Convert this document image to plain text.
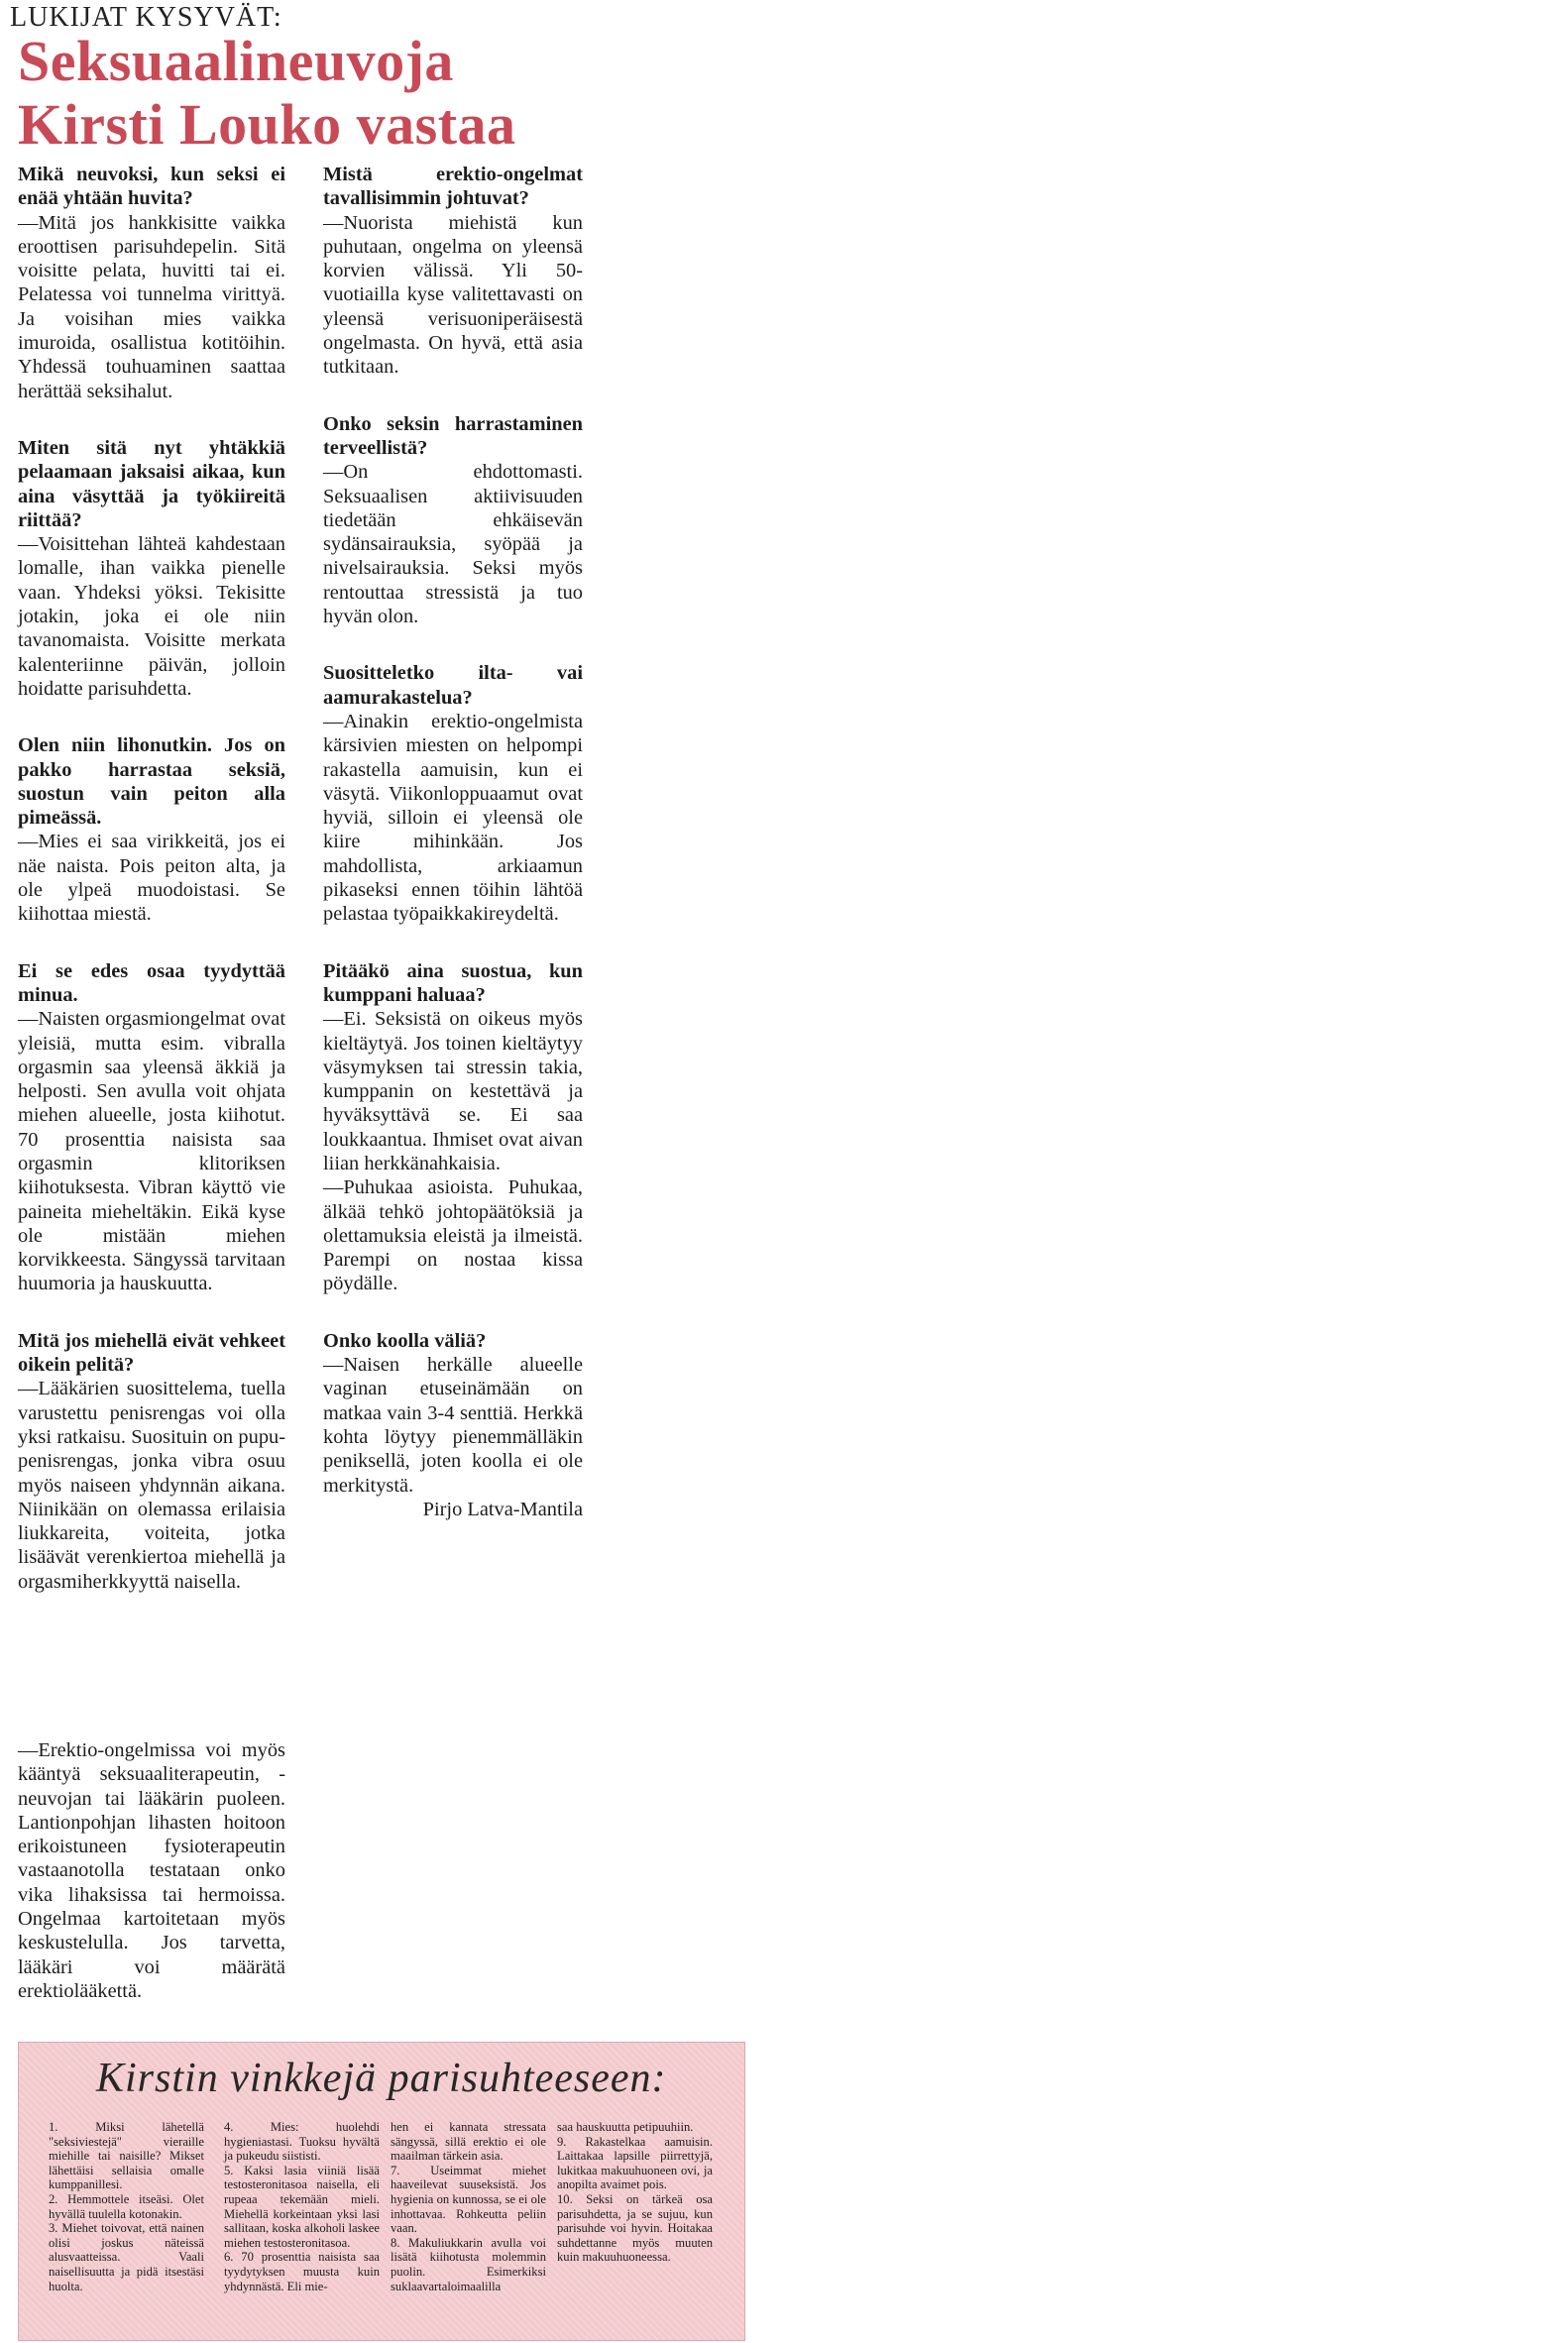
LUKIJAT KYSYVÄT:
Seksuaalineuvoja
Kirsti Louko vastaa

Mikä neuvoksi, kun seksi ei enää yhtään huvita?

—Mitä jos hankkisitte vaikka eroottisen parisuhdepelin. Sitä voisitte pelata, huvitti tai ei. Pelatessa voi tunnelma virittyä. Ja voisihan mies vaikka imuroida, osallistua kotitöihin. Yhdessä touhuaminen saattaa herättää seksihalut.

Miten sitä nyt yhtäkkiä pelaamaan jaksaisi aikaa, kun aina väsyttää ja työkiireitä riittää?

—Voisittehan lähteä kahdestaan lomalle, ihan vaikka pienelle vaan. Yhdeksi yöksi. Tekisitte jotakin, joka ei ole niin tavanomaista. Voisitte merkata kalenteriinne päivän, jolloin hoidatte parisuhdetta.

Olen niin lihonutkin. Jos on pakko harrastaa seksiä, suostun vain peiton alla pimeässä.

—Mies ei saa virikkeitä, jos ei näe naista. Pois peiton alta, ja ole ylpeä muodoistasi. Se kiihottaa miestä.

Ei se edes osaa tyydyttää minua.

—Naisten orgasmiongelmat ovat yleisiä, mutta esim. vibralla orgasmin saa yleensä äkkiä ja helposti. Sen avulla voit ohjata miehen alueelle, josta kiihotut. 70 prosenttia naisista saa orgasmin klitoriksen kiihotuksesta. Vibran käyttö vie paineita mieheltäkin. Eikä kyse ole mistään miehen korvikkeesta. Sängyssä tarvitaan huumoria ja hauskuutta.

Mitä jos miehellä eivät vehkeet oikein pelitä?

—Lääkärien suosittelema, tuella varustettu penisrengas voi olla yksi ratkaisu. Suosituin on pupu-penisrengas, jonka vibra osuu myös naiseen yhdynnän aikana. Niinikään on olemassa erilaisia liukkareita, voiteita, jotka lisäävät verenkiertoa miehellä ja orgasmiherkkyyttä naisella.

—Erektio-ongelmissa voi myös kääntyä seksuaaliterapeutin, -neuvojan tai lääkärin puoleen. Lantionpohjan lihasten hoitoon erikoistuneen fysioterapeutin vastaanotolla testataan onko vika lihaksissa tai hermoissa. Ongelmaa kartoitetaan myös keskustelulla. Jos tarvetta, lääkäri voi määrätä erektiolääkettä.

Mistä erektio-ongelmat tavallisimmin johtuvat?

—Nuorista miehistä kun puhutaan, ongelma on yleensä korvien välissä. Yli 50-vuotiailla kyse valitettavasti on yleensä verisuoniperäisestä ongelmasta. On hyvä, että asia tutkitaan.

Onko seksin harrastaminen terveellistä?

—On ehdottomasti. Seksuaalisen aktiivisuuden tiedetään ehkäisevän sydänsairauksia, syöpää ja nivelsairauksia. Seksi myös rentouttaa stressistä ja tuo hyvän olon.

Suositteletko ilta- vai aamurakastelua?

—Ainakin erektio-ongelmista kärsivien miesten on helpompi rakastella aamuisin, kun ei väsytä. Viikonloppuaamut ovat hyviä, silloin ei yleensä ole kiire mihinkään. Jos mahdollista, arkiaamun pikaseksi ennen töihin lähtöä pelastaa työpaikkakireydeltä.

Pitääkö aina suostua, kun kumppani haluaa?

—Ei. Seksistä on oikeus myös kieltäytyä. Jos toinen kieltäytyy väsymyksen tai stressin takia, kumppanin on kestettävä ja hyväksyttävä se. Ei saa loukkaantua. Ihmiset ovat aivan liian herkkänahkaisia.

—Puhukaa asioista. Puhukaa, älkää tehkö johtopäätöksiä ja olettamuksia eleistä ja ilmeistä. Parempi on nostaa kissa pöydälle.

Onko koolla väliä?

—Naisen herkälle alueelle vaginan etuseinämään on matkaa vain 3-4 senttiä. Herkkä kohta löytyy pienemmälläkin peniksellä, joten koolla ei ole merkitystä.

Pirjo Latva-Mantila

Kirstin vinkkejä parisuhteeseen:

1. Miksi lähetellä "seksiviestejä" vieraille miehille tai naisille? Mikset lähettäisi sellaisia omalle kumppanillesi.

2. Hemmottele itseäsi. Olet hyvällä tuulella kotonakin.

3. Miehet toivovat, että nainen olisi joskus näteissä alusvaatteissa. Vaali naisellisuutta ja pidä itsestäsi huolta.

4. Mies: huolehdi hygieniastasi. Tuoksu hyvältä ja pukeudu siististi.

5. Kaksi lasia viiniä lisää testosteronitasoa naisella, eli rupeaa tekemään mieli. Miehellä korkeintaan yksi lasi sallitaan, koska alkoholi laskee miehen testosteronitasoa.

6. 70 prosenttia naisista saa tyydytyksen muusta kuin yhdynnästä. Eli mie-

hen ei kannata stressata sängyssä, sillä erektio ei ole maailman tärkein asia.

7. Useimmat miehet haaveilevat suuseksistä. Jos hygienia on kunnossa, se ei ole inhottavaa. Rohkeutta peliin vaan.

8. Makuliukkarin avulla voi lisätä kiihotusta molemmin puolin. Esimerkiksi suklaavartaloimaalilla

saa hauskuutta petipuuhiin.

9. Rakastelkaa aamuisin. Laittakaa lapsille piirrettyjä, lukitkaa makuuhuoneen ovi, ja anopilta avaimet pois.

10. Seksi on tärkeä osa parisuhdetta, ja se sujuu, kun parisuhde voi hyvin. Hoitakaa suhdettanne myös muuten kuin makuuhuoneessa.
